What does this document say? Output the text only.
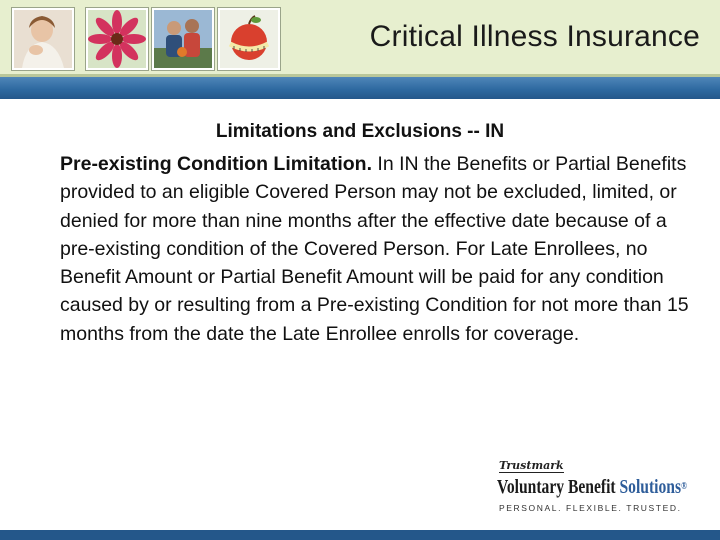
Critical Illness Insurance
Limitations and Exclusions -- IN

Pre-existing Condition Limitation. In IN the Benefits or Partial Benefits provided to an eligible Covered Person may not be excluded, limited, or denied for more than nine months after the effective date because of a pre-existing condition of the Covered Person. For Late Enrollees, no Benefit Amount or Partial Benefit Amount will be paid for any condition caused by or resulting from a Pre-existing Condition for not more than 15 months from the date the Late Enrollee enrolls for coverage.

Trustmark
Voluntary Benefit Solutions®
PERSONAL. FLEXIBLE. TRUSTED.
